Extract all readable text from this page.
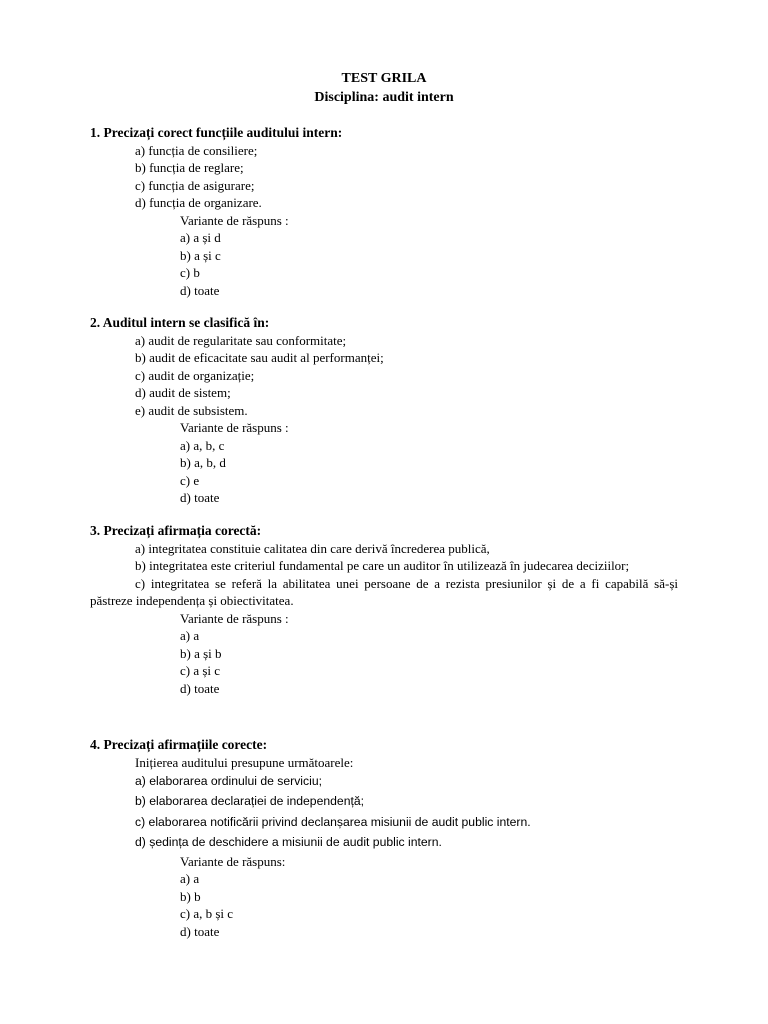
TEST GRILA
Disciplina: audit intern

1. Precizați corect funcțiile auditului intern:

a) funcția de consiliere;

b) funcția de reglare;

c) funcția de asigurare;

d) funcția de organizare.

Variante de răspuns :

a) a și d

b) a și c

c) b

d) toate

2. Auditul intern se clasifică în:

a) audit de regularitate sau conformitate;

b) audit de eficacitate sau audit al performanței;

c) audit de organizație;

d) audit de sistem;

e) audit de subsistem.

Variante de răspuns :

a) a, b, c

b) a, b, d

c) e

d) toate

3. Precizați afirmația corectă:

a) integritatea constituie calitatea din care derivă încrederea publică,

b) integritatea este criteriul fundamental pe care un auditor în utilizează în judecarea deciziilor;

c) integritatea se referă la abilitatea unei persoane de a rezista presiunilor și de a fi capabilă să-și păstreze independența și obiectivitatea.

Variante de răspuns :

a) a

b) a și b

c) a și c

d) toate

4. Precizați afirmațiile corecte:

Inițierea auditului presupune următoarele:

a) elaborarea ordinului de serviciu;

b) elaborarea declarației de independență;

c) elaborarea notificării privind declanșarea misiunii de audit public intern.

d) ședința de deschidere a misiunii de audit public intern.

Variante de răspuns:

a) a

b) b

c) a, b și c

d) toate
